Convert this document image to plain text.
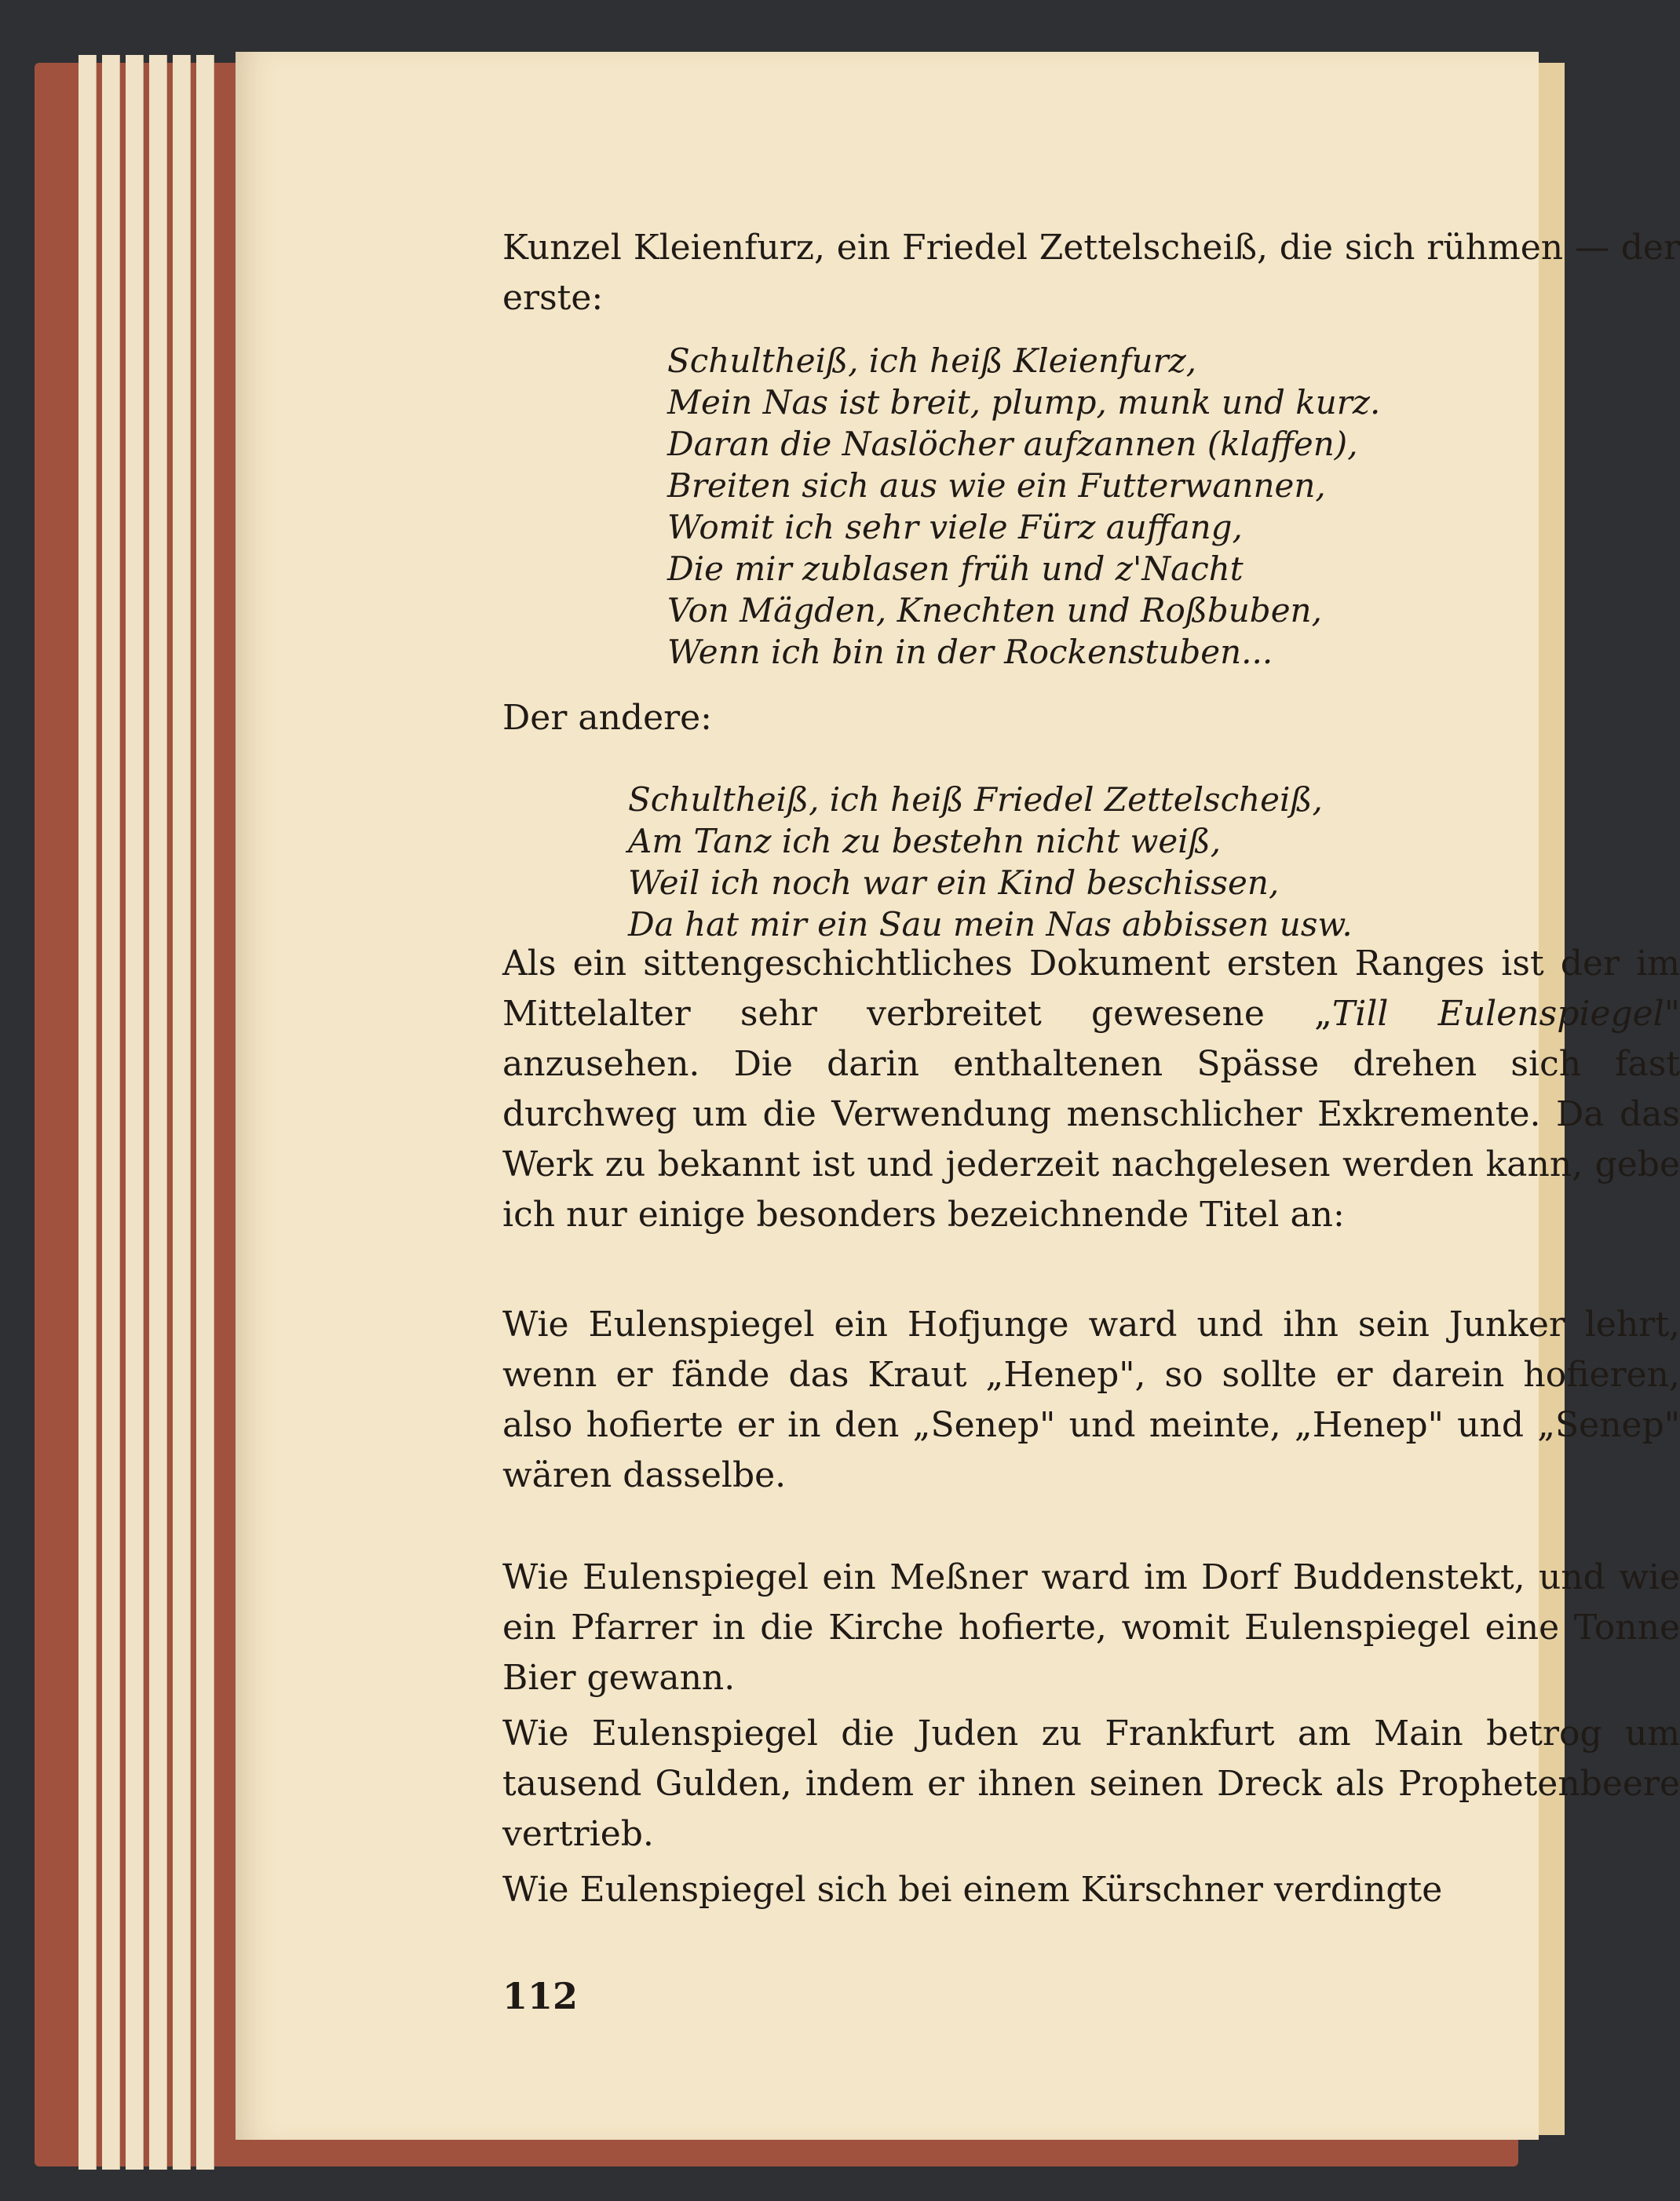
Kunzel Kleienfurz, ein Friedel Zettelscheiß, die sich rühmen — der erste:
Schultheiß, ich heiß Kleienfurz,
Mein Nas ist breit, plump, munk und kurz.
Daran die Naslöcher aufzannen (klaffen),
Breiten sich aus wie ein Futterwannen,
Womit ich sehr viele Fürz auffang,
Die mir zublasen früh und z'Nacht
Von Mägden, Knechten und Roßbuben,
Wenn ich bin in der Rockenstuben...
Der andere:
Schultheiß, ich heiß Friedel Zettelscheiß,
Am Tanz ich zu bestehn nicht weiß,
Weil ich noch war ein Kind beschissen,
Da hat mir ein Sau mein Nas abbissen usw.
Als ein sittengeschichtliches Dokument ersten Ranges ist der im Mittelalter sehr verbreitet gewesene „Till Eulenspiegel" anzusehen. Die darin enthaltenen Spässe drehen sich fast durchweg um die Verwendung menschlicher Exkremente. Da das Werk zu bekannt ist und jederzeit nachgelesen werden kann, gebe ich nur einige besonders bezeichnende Titel an:
Wie Eulenspiegel ein Hofjunge ward und ihn sein Junker lehrt, wenn er fände das Kraut „Henep", so sollte er darein hofieren, also hofierte er in den „Senep" und meinte, „Henep" und „Senep" wären dasselbe.
Wie Eulenspiegel ein Meßner ward im Dorf Buddenstekt, und wie ein Pfarrer in die Kirche hofierte, womit Eulenspiegel eine Tonne Bier gewann.
Wie Eulenspiegel die Juden zu Frankfurt am Main betrog um tausend Gulden, indem er ihnen seinen Dreck als Prophetenbeere vertrieb.
Wie Eulenspiegel sich bei einem Kürschner verdingte
112
